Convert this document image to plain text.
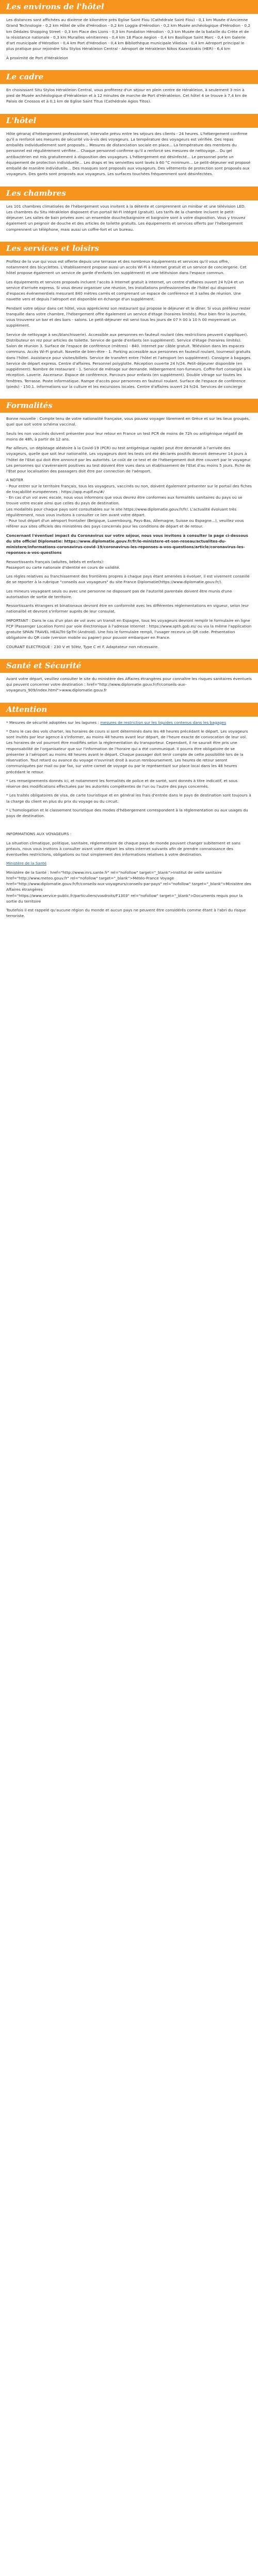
Les environs de l'hôtel

Les distances sont affichées au dixième de kilomètre près Eglise Saint Flou (Cathédrale Saint Flou) - 0,1 km Musée d'Ancienne Grand Technologie - 0,2 km Hôtel de ville d'Hérodion - 0,2 km Loggia d'Hérodion - 0,2 km Musée archéologique d'Hérodion - 0,2 km Dédales Shopping Street - 0,3 km Place des Lions - 0,3 km Fondation Hérodion - 0,3 km Musée de la bataille du Crète et de la résistance nationale - 0,3 km Murailles vénitiennes - 0,4 km 18 Place Aegion - 0,4 km Basilique Saint Marc - 0,4 km Galerie d'art municipale d'Hérodion - 0,4 km Port d'Hérodion - 0,4 km Bibliothèque municipale Vikelaia - 0,4 km Aéroport principal le plus pratique pour rejoindre Situ Stylos Hérakleion Central - Aéroport de Hérakleion Nikos Kazantzakis (HER) - 6,4 km

À proximité de Port d'Hérakleion

Le cadre

En choisissant Situ Stylos Hérakleion Central, vous profiterez d'un séjour en plein centre de Hérakleion, à seulement 3 min à pied de Musée archéologique d'Hérakleion et à 12 minutes de marche de Port d'Hérakleion. Cet hôtel 4 se trouve à 7,4 km de Palais de Cnossos et à 0,1 km de Eglise Saint Titus (Cathédrale Agios Titos).

L'hôtel

Hôte géranaj d'hébergement professionnel, Intervalle prévu entre les séjours des clients - 24 heures. L'hébergement confirme qu'il a renforcé ses mesures de sécurité vis-à-vis des voyageurs. La température des voyageurs est vérifiée. Des repas emballés individuellement sont proposés... Mesures de distanciation sociale en place... La température des membres du personnel est régulièrement vérifiée... Chaque personnel confirme qu'il a renforcé ses mesures de nettoyage... Du gel antibactérien est mis gratuitement à disposition des voyageurs. L'hébergement est désinfecté... Le personnel porte un équipement de protection individuelle... Les draps et les serviettes sont lavés à 60 °C minimum... Le petit-déjeuner est proposé emballé de manière individuelle... Des masques sont proposés aux voyageurs. Des vêtements de protection sont proposés aux voyageurs. Des gants sont proposés aux voyageurs. Les surfaces touchées fréquemment sont désinfectées.

Les chambres

Les 101 chambres climatisées de l'hébergement vous invitent à la détente et comprennent un minibar et une télévision LED. Les chambres du Situ Hérakleion disposent d'un portail Wi-Fi intégré (gratuit). Les tarifs de la chambre incluent le petit-déjeuner. Les salles de bain privées avec un ensemble douche/baignoire et baignoire sont à votre disposition. Vous y trouvez également un peignoir de douche et des articles de toilette gratuits. Les équipements et services offerts par l'hébergement comprennent un téléphone, mais aussi un coffre-fort et un bureau.

Les services et loisirs

Profitez de la vue qui vous est offerte depuis une terrasse et des nombreux équipements et services qu'il vous offre, notamment des bicyclettes. L'établissement propose aussi un accès Wi-Fi à Internet gratuit et un service de conciergerie. Cet hôtel propose également un service de garde d'enfants (en supplément) et une télévision dans l'espace commun.

Les équipements et services proposés incluent l'accès à Internet gratuit à Internet, un centre d'affaires ouvert 24 h/24 et un service d'arrivée express. Si vous devez organiser une réunion, les installations professionnelles de l'hôtel qui disposent d'espaces événementiels mesurant 840 mètres carrés et comprenant un espace de conférence et 3 salles de réunion. Une navette vers et depuis l'aéroport est disponible en échange d'un supplément.

Pendant votre séjour dans cet hôtel, vous apprécierez son restaurant qui propose le déjeuner et le dîner. Si vous préférez rester tranquille dans votre chambre, l'hébergement offre également un service d'étage (horaires limités). Pour bien finir la journée, vous trouverez un bar et des bars - salons. Le petit-déjeuner est servi tous les jours de 07 h 00 à 10 h 00 moyennant un supplément.

Service de nettoyage à sec/blanchisserie). Accessible aux personnes en fauteuil roulant (des restrictions peuvent s'appliquer). Distributeur en rez pour articles de toilette. Service de garde d'enfants (en supplément). Service d'étage (horaires limités). Salon de réunion 3. Surface de l'espace de conférence (mètres) - 840. Internet par câble gratuit. Télévision dans les espaces communs. Accès Wi-Fi gratuit. Navette de bien-être - 1. Parking accessible aux personnes en fauteuil roulant, tournesol gratuits dans l'hôtel. Assistance pour visites/billets. Service de transfert entre l'hôtel et l'aéroport (en supplément). Consigne à bagages. Service de départ express. Centre d'affaires. Personnel polyglotte. Réception ouverte 24 h/24. Petit-déjeuner disponible (en supplément). Nombre de restaurant - 1. Service de ménage sur demande. Hébergement non-fumeurs. Coffre-fort conseiglé à la réception. Laverie. Ascenseur. Espace de conférence. Parcours pour enfants (en supplément). Double vitrage sur toutes les fenêtres. Terrasse. Poste informatique. Rampe d'accès pour personnes en fauteuil roulant. Surface de l'espace de conférence (pieds) - 150.1. Informations sur la culture et les excursions locales. Centre d'affaires ouvert 24 h/24. Services de concierge

Formalités

Bonne nouvelle : Compte tenu de votre nationalité française, vous pouvez voyager librement en Grèce et sur les lieux groupés, quel que soit votre schéma vaccinal.

Seuls les non vaccinés doivent présenter pour leur retour en France un test PCR de moins de 72h ou antigénique négatif de moins de 48h, à partir de 12 ans.

Par ailleurs, un dépistage aléatoire à la Covid-19 (PCR) ou test antigénique rapide) peut être demandé à l'arrivée des voyageurs, quelle que soit leur nationalité. Les voyageurs dont les tests ont été déclarés positifs devront demeurer 14 jours à l'hôtel de l'Etat qui doit être annoncé par les autorités. Le coût de ce test et de l'hébergement doit être couvert par le voyageur. Les personnes qui s'avéreraient positives au test doivent être vues dans un établissement de l'Etat d'au moins 5 jours. Fiche de l'Etat pour localisation des passagers doit être par connection de l'aéroport.

A NOTER
- Pour entrer sur le territoire français, tous les voyageurs, vaccinés ou non, doivent également présenter sur le portail des fiches de traçabilité européennes : https://app.euplf.eu/#/
- En cas d'un vol avec escale, nous vous informons que vous devrez être conformes aux formalités sanitaires du pays où se trouve votre escale ainsi que celles du pays de destination.
Les modalités pour chaque pays sont consultables sur le site https://www.diplomatie.gouv.fr/fr/. L'actualité évoluant très régulièrement, nous vous invitons à consulter ce lien avant votre départ.
- Pour tout départ d'un aéroport frontalier (Belgique, Luxembourg, Pays-Bas, Allemagne, Suisse ou Espagne...), veuillez vous référer aux sites officiels des ministères des pays concernés pour les conditions de départ et de retour.

Concernant l'éventuel impact du Coronavirus sur votre séjour, nous vous invitons à consulter la page ci-dessous du site officiel Diplomatie: https://www.diplomatie.gouv.fr/fr/le-ministere-et-son-reseau/actualites-du-ministere/informations-coronavirus-covid-19/coronavirus-les-reponses-a-vos-questions/article/coronavirus-les-reponses-a-vos-questions

Ressortissants français (adultes, bébés et enfants):
Passeport ou carte nationale d'identité en cours de validité.

Les règles relatives au franchissement des frontières propres à chaque pays étant amenées à évoluer, il est vivement conseillé de se reporter à la rubrique "conseils aux voyageurs" du site France Diplomatie(https://www.diplomatie.gouv.fr/).

Les mineurs voyageant seuls ou avec une personne ne disposant pas de l'autorité parentale doivent être munis d'une autorisation de sortie de territoire.

Ressortissants étrangers et binationaux devront être en conformité avec les différentes réglementations en vigueur, selon leur nationalité et devront s'informer auprès de leur consulat.

IMPORTANT : Dans le cas d'un plan de vol avec un transit en Espagne, tous les voyageurs devront remplir le formulaire en ligne FCP (Passenger Location Form) par voie électronique à l'adresse Internet : https://www.spth.gob.es/ ou via la même l'application gratuite SPAIN TRAVEL HEALTH-SpTH (Android). Une fois le formulaire rempli, l'usager recevra un QR code. Présentation obligatoire du QR code (version mobile ou papier) pour pouvoir embarquer en France.

COURANT ELECTRIQUE : 230 V et 50Hz, Type C et F. Adaptateur non nécessaire.

Santé et Sécurité

Avant votre départ, veuillez consulter le site du ministère des Affaires étrangères pour connaître les risques sanitaires éventuels qui peuvent concerner votre destination : href="http://www.diplomatie.gouv.fr/fr/conseils-aux-voyageurs_909/index.html">www.diplomatie.gouv.fr

Attention

* Mesures de sécurité adoptées sur les lagunes : mesures de restriction sur les liquides contenus dans les bagages

* Dans le cas des vols charter, les horaires de cours si sont déterminés dans les 48 heures précédant le départ. Les voyageurs sont invités par leur agence à s'informer, au moins 48 heures avant leur départ, de l'heure exacte de convocation de leur vol. Les horaires de vol pourront être modifiés selon la réglementation du transporteur. Cependant, il ne saurait être pris une responsabilité de l'organisateur que sur l'information de l'horaire qui a été communiqué. Il pourra être obligatoire de se présenter à l'aéroport au moins 48 heures avant le départ. Chaque passager doit tenir compte de cette possibilité lors de la réservation. Tout retard ou avance du voyage n'ouvrirait droit à aucun remboursement. Les heures de retour seront communiquées par mail ou par fax, sur votre carnet de voyage ou par le représentant sur place local dans les 48 heures précédant le retour.

* Les renseignements donnés ici, et notamment les formalités de police et de santé, sont donnés à titre indicatif, et sous réserve des modifications effectuées par les autorités compétentes de l'un ou l'autre des pays concernés.

* Les traités obligatoires de visa, de carte touristique et en général les frais d'entrée dans le pays de destination sont toujours à la charge du client en plus du prix du voyage ou du circuit.

* L'homologation et le classement touristique des modes d'hébergement correspondent à la règlementation ou aux usages du pays de destination.

INFORMATIONS AUX VOYAGEURS :

La situation climatique, politique, sanitaire, réglementaire de chaque pays de monde pouvant changer subitement et sans préavis, nous vous invitons à consulter avant votre départ les sites internet suivants afin de prendre connaissance des éventuelles restrictions, obligations ou tout simplement des informations relatives à votre destination.

Ministère de la Santé

Ministère de la Santé : href="http://www.inrs.sante.fr" rel="nofollow" target="_blank">Institut de veille sanitaire
href="http://www.meteo.gouv.fr" rel="nofollow" target="_blank">Météo-France Voyage
href="http://www.diplomatie.gouv.fr/fr/conseils-aux-voyageurs/conseils-par-pays" rel="nofollow" target="_blank">Ministère des Affaires étrangères
href="https://www.service-public.fr/particuliers/vosdroits/F1303" rel="nofollow" target="_blank">Documents requis pour la sortie du territoire

Toutefois il est rappelé qu'aucune région du monde et aucun pays ne peuvent être considérés comme étant à l'abri du risque terroriste.
